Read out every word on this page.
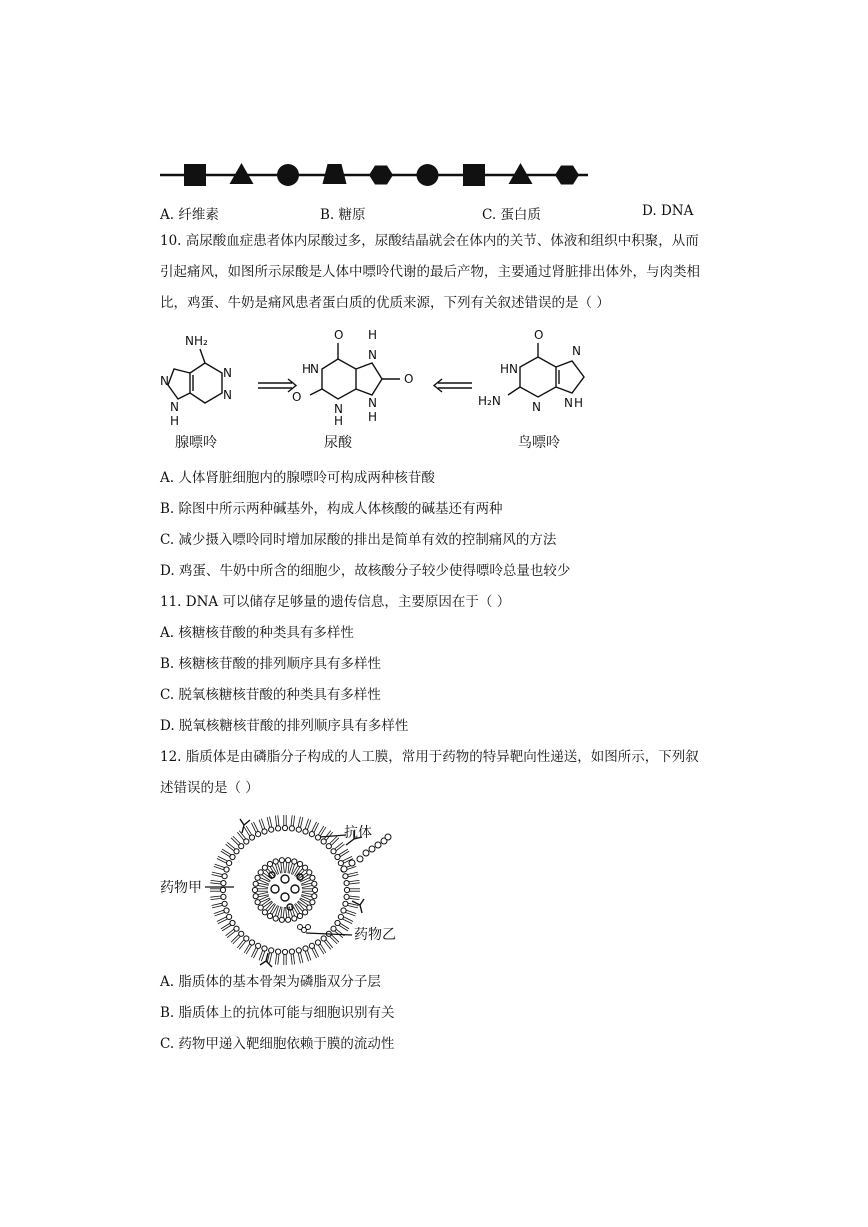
A. 纤维素	B. 糖原	C. 蛋白质	D. DNA
10. 高尿酸血症患者体内尿酸过多，尿酸结晶就会在体内的关节、体液和组织中积聚，从而
引起痛风，如图所示尿酸是人体中嘌呤代谢的最后产物，主要通过肾脏排出体外，与肉类相
比，鸡蛋、牛奶是痛风患者蛋白质的优质来源，下列有关叙述错误的是（ ）
NH₂
N
N
N
N
H
腺嘌呤
O
N
H
N
H
O
H
N
N
H
O
尿酸
O
HN
N
H₂N
N
N H
鸟嘌呤
A. 人体肾脏细胞内的腺嘌呤可构成两种核苷酸
B. 除图中所示两种碱基外，构成人体核酸的碱基还有两种
C. 减少摄入嘌呤同时增加尿酸的排出是简单有效的控制痛风的方法
D. 鸡蛋、牛奶中所含的细胞少，故核酸分子较少使得嘌呤总量也较少
11. DNA 可以储存足够量的遗传信息，主要原因在于（ ）
A. 核糖核苷酸的种类具有多样性
B. 核糖核苷酸的排列顺序具有多样性
C. 脱氧核糖核苷酸的种类具有多样性
D. 脱氧核糖核苷酸的排列顺序具有多样性
12. 脂质体是由磷脂分子构成的人工膜，常用于药物的特异靶向性递送，如图所示，下列叙
述错误的是（ ）
抗体
药物甲
药物乙
A. 脂质体的基本骨架为磷脂双分子层
B. 脂质体上的抗体可能与细胞识别有关
C. 药物甲递入靶细胞依赖于膜的流动性
